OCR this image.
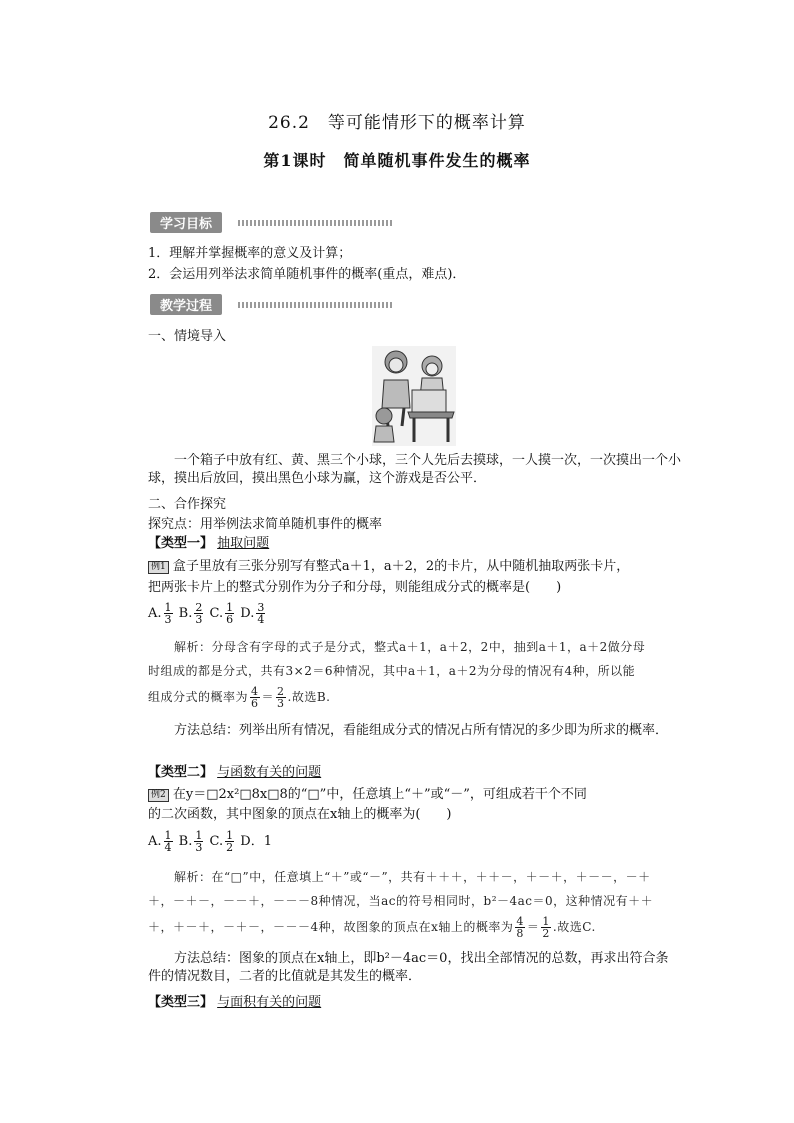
26.2　等可能情形下的概率计算
第1课时　简单随机事件发生的概率
学习目标
1．理解并掌握概率的意义及计算；
2．会运用列举法求简单随机事件的概率(重点，难点)．
教学过程
一、情境导入
一个箱子中放有红、黄、黑三个小球，三个人先后去摸球，一人摸一次，一次摸出一个小球，摸出后放回，摸出黑色小球为赢，这个游戏是否公平．
二、合作探究
探究点：用举例法求简单随机事件的概率
【类型一】 抽取问题
例1 盒子里放有三张分别写有整式a＋1，a＋2，2的卡片，从中随机抽取两张卡片，
把两张卡片上的整式分别作为分子和分母，则能组成分式的概率是(　　)
A. $\frac{1}{3} B$. $\frac{2}{3} C$. $\frac{1}{6} D$. $\frac{3}{4}$
解析：分母含有字母的式子是分式，整式a＋1，a＋2，2中，抽到a＋1，a＋2做分母
时组成的都是分式，共有3×2＝6种情况，其中a＋1，a＋2为分母的情况有4种，所以能
组成分式的概率为 $\frac{4}{6} = \frac{2}{3}$ .故选B.
方法总结：列举出所有情况，看能组成分式的情况占所有情况的多少即为所求的概率．
【类型二】 与函数有关的问题
例2 在y＝□2x²□8x□8的“□”中，任意填上“＋”或“－”，可组成若干个不同
的二次函数，其中图象的顶点在x轴上的概率为(　　)
A. $\frac{1}{4} B$. $\frac{1}{3} C$. $\frac{1}{2}$ D．1
解析：在“□”中，任意填上“＋”或“－”，共有＋＋＋，＋＋－，＋－＋，＋－－，－＋
＋，－＋－，－－＋，－－－8种情况，当ac的符号相同时，b²－4ac＝0，这种情况有＋＋
＋，＋－＋，－＋－，－－－4种，故图象的顶点在x轴上的概率为 $\frac{4}{8} = \frac{1}{2}$ .故选C.
方法总结：图象的顶点在x轴上，即b²－4ac＝0，找出全部情况的总数，再求出符合条件的情况数目，二者的比值就是其发生的概率．
【类型三】 与面积有关的问题
